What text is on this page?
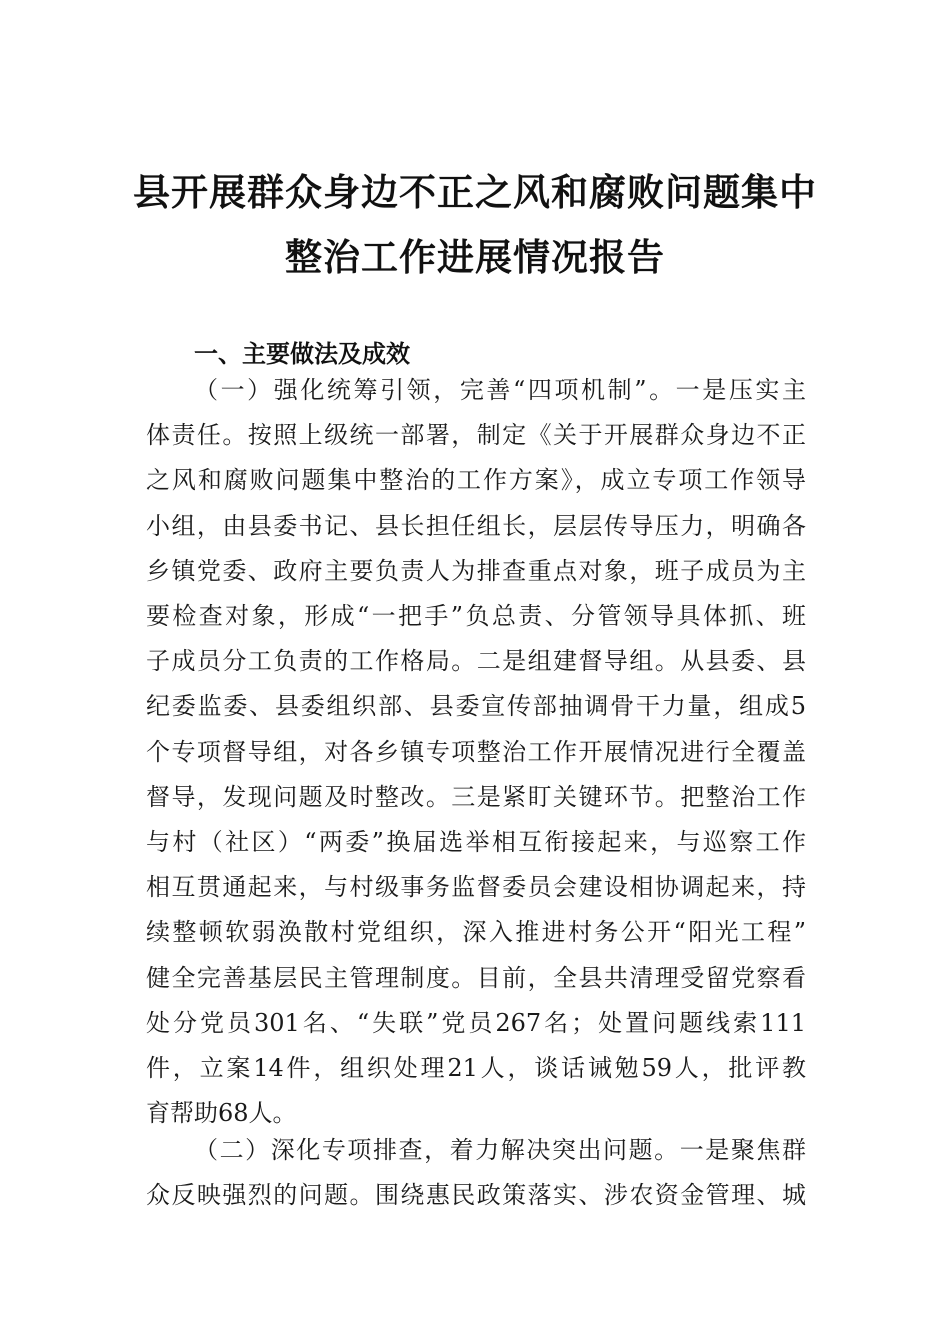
县开展群众身边不正之风和腐败问题集中
整治工作进展情况报告
一、主要做法及成效
（一）强化统筹引领，完善“四项机制”。一是压实主
体责任。按照上级统一部署，制定《关于开展群众身边不正
之风和腐败问题集中整治的工作方案》，成立专项工作领导
小组，由县委书记、县长担任组长，层层传导压力，明确各
乡镇党委、政府主要负责人为排查重点对象，班子成员为主
要检查对象，形成“一把手”负总责、分管领导具体抓、班
子成员分工负责的工作格局。二是组建督导组。从县委、县
纪委监委、县委组织部、县委宣传部抽调骨干力量，组成5
个专项督导组，对各乡镇专项整治工作开展情况进行全覆盖
督导，发现问题及时整改。三是紧盯关键环节。把整治工作
与村（社区）“两委”换届选举相互衔接起来，与巡察工作
相互贯通起来，与村级事务监督委员会建设相协调起来，持
续整顿软弱涣散村党组织，深入推进村务公开“阳光工程”
健全完善基层民主管理制度。目前，全县共清理受留党察看
处分党员301名、“失联”党员267名；处置问题线索111
件，立案14件，组织处理21人，谈话诫勉59人，批评教
育帮助68人。
（二）深化专项排查，着力解决突出问题。一是聚焦群
众反映强烈的问题。围绕惠民政策落实、涉农资金管理、城
